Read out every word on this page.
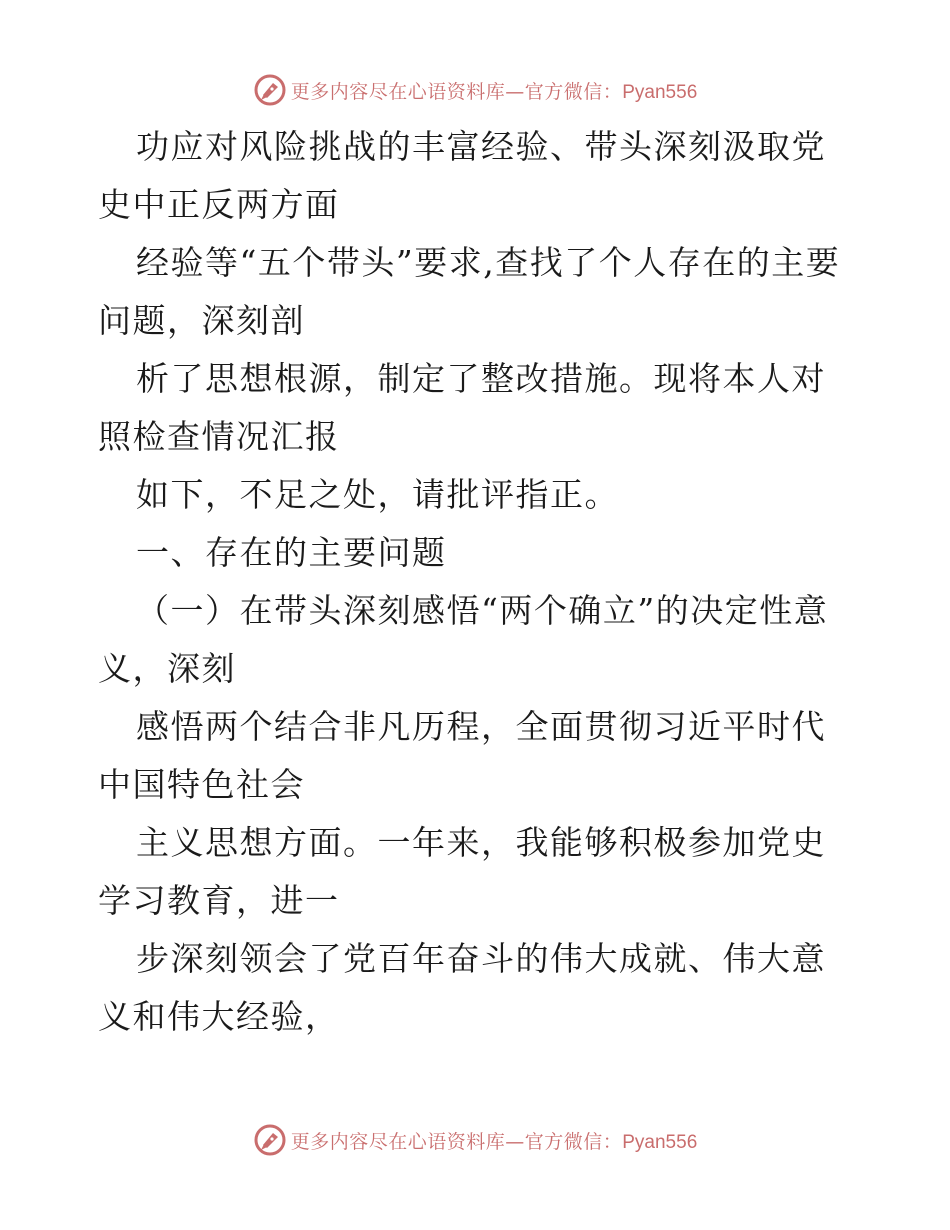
更多内容尽在心语资料库—官方微信：Pyan556

功应对风险挑战的丰富经验、带头深刻汲取党史中正反两方面

经验等“五个带头”要求,查找了个人存在的主要问题，深刻剖

析了思想根源，制定了整改措施。现将本人对照检查情况汇报

如下，不足之处，请批评指正。

一、存在的主要问题

（一）在带头深刻感悟“两个确立”的决定性意义，深刻

感悟两个结合非凡历程，全面贯彻习近平时代中国特色社会

主义思想方面。一年来，我能够积极参加党史学习教育，进一

步深刻领会了党百年奋斗的伟大成就、伟大意义和伟大经验，

更多内容尽在心语资料库—官方微信：Pyan556
